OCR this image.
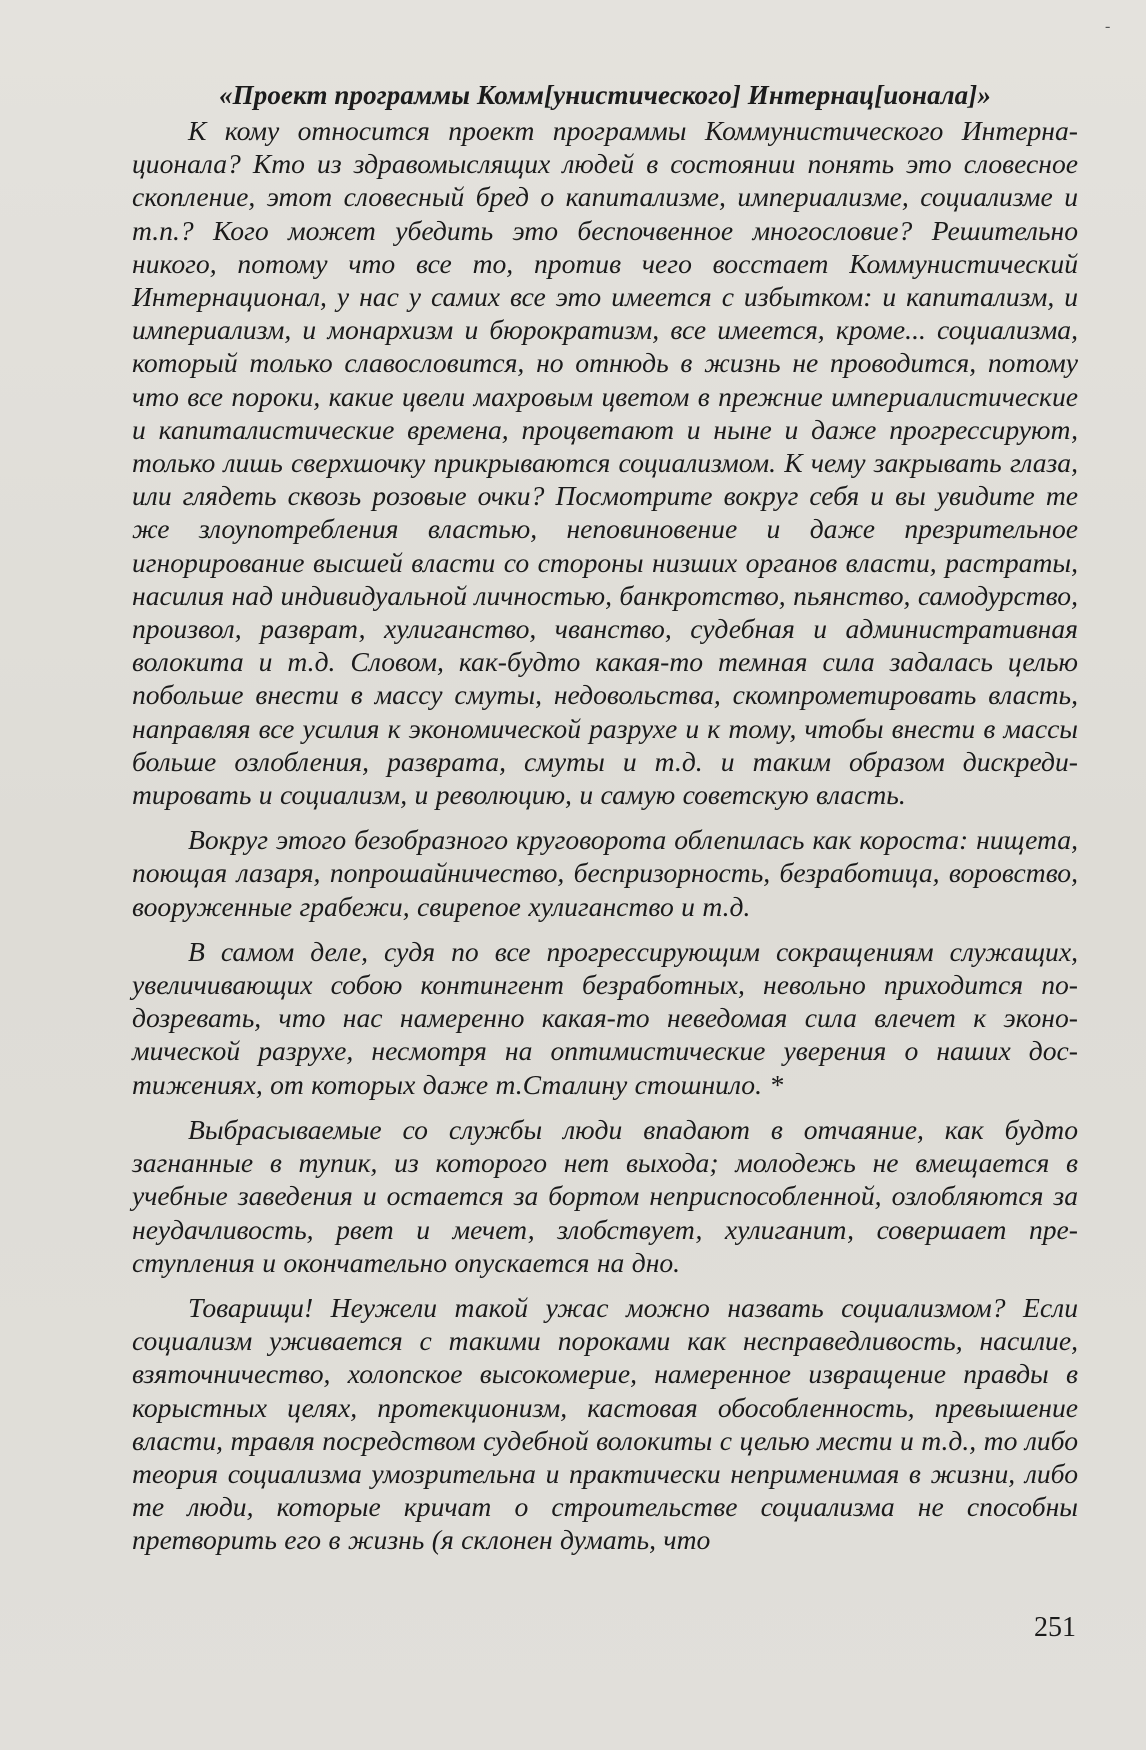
-
«Проект программы Комм[унистического] Интернац[ионала]»

К кому относится проект программы Коммунистического Интернационала? Кто из здравомыслящих людей в состоянии понять это словесное скопление, этот словесный бред о капитализме, империализме, социализме и т.п.? Кого может убедить это беспочвенное многословие? Решительно никого, потому что все то, против чего восстает Коммунистический Интернационал, у нас у самих все это имеется с избытком: и капитализм, и империализм, и монархизм и бюрократизм, все имеется, кроме... социализма, который только славословится, но отнюдь в жизнь не проводится, потому что все пороки, какие цвели махровым цветом в прежние империалистические и капиталистические времена, процветают и ныне и даже прогрессируют, только лишь сверхшочку прикрываются социализмом. К чему закрывать глаза, или глядеть сквозь розовые очки? Посмотрите вокруг себя и вы увидите те же злоупотребления властью, неповиновение и даже презрительное игнорирование высшей власти со стороны низших органов власти, растраты, насилия над индивидуальной личностью, банкротство, пьянство, самодурство, произвол, разврат, хулиганство, чванство, судебная и административная волокита и т.д. Словом, как-будто какая-то темная сила задалась целью побольше внести в массу смуты, недовольства, скомпрометировать власть, направляя все усилия к экономической разрухе и к тому, чтобы внести в массы больше озлобления, разврата, смуты и т.д. и таким образом дискредитировать и социализм, и революцию, и самую советскую власть.

Вокруг этого безобразного круговорота облепилась как короста: нищета, поющая лазаря, попрошайничество, беспризорность, безработица, воровство, вооруженные грабежи, свирепое хулиганство и т.д.

В самом деле, судя по все прогрессирующим сокращениям служащих, увеличивающих собою контингент безработных, невольно приходится подозревать, что нас намеренно какая-то неведомая сила влечет к экономической разрухе, несмотря на оптимистические уверения о наших достижениях, от которых даже т.Сталину стошнило. *

Выбрасываемые со службы люди впадают в отчаяние, как будто загнанные в тупик, из которого нет выхода; молодежь не вмещается в учебные заведения и остается за бортом неприспособленной, озлобляются за неудачливость, рвет и мечет, злобствует, хулиганит, совершает преступления и окончательно опускается на дно.

Товарищи! Неужели такой ужас можно назвать социализмом? Если социализм уживается с такими пороками как несправедливость, насилие, взяточничество, холопское высокомерие, намеренное извращение правды в корыстных целях, протекционизм, кастовая обособленность, превышение власти, травля посредством судебной волокиты с целью мести и т.д., то либо теория социализма умозрительна и практически неприменимая в жизни, либо те люди, которые кричат о строительстве социализма не способны претворить его в жизнь (я склонен думать, что

251
